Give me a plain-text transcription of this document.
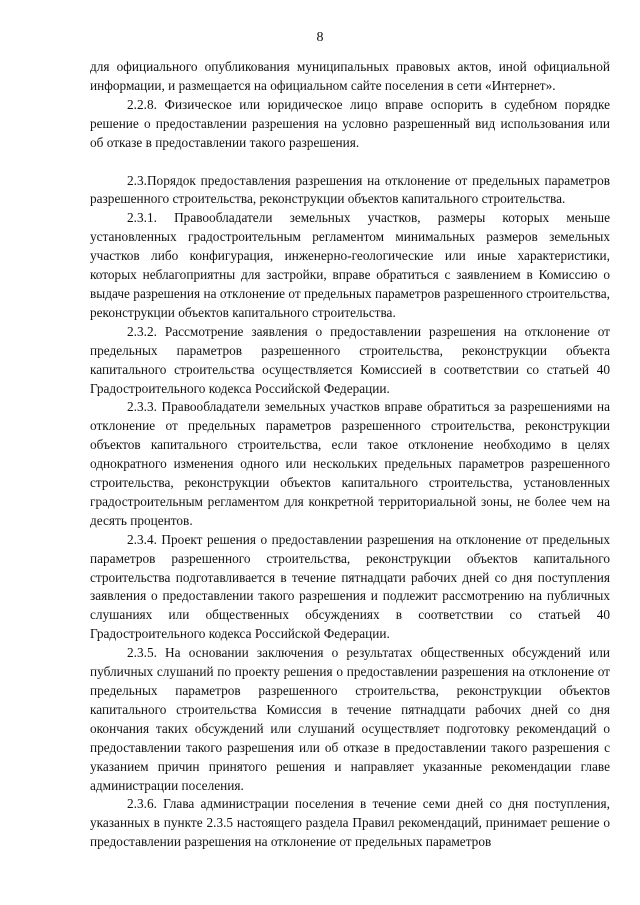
8

для официального опубликования муниципальных правовых актов, иной официальной информации, и размещается на официальном сайте поселения в сети «Интернет».

2.2.8. Физическое или юридическое лицо вправе оспорить в судебном порядке решение о предоставлении разрешения на условно разрешенный вид использования или об отказе в предоставлении такого разрешения.

2.3.Порядок предоставления разрешения на отклонение от предельных параметров разрешенного строительства, реконструкции объектов капитального строительства.

2.3.1. Правообладатели земельных участков, размеры которых меньше установленных градостроительным регламентом минимальных размеров земельных участков либо конфигурация, инженерно-геологические или иные характеристики, которых неблагоприятны для застройки, вправе обратиться с заявлением в Комиссию о выдаче разрешения на отклонение от предельных параметров разрешенного строительства, реконструкции объектов капитального строительства.

2.3.2. Рассмотрение заявления о предоставлении разрешения на отклонение от предельных параметров разрешенного строительства, реконструкции объекта капитального строительства осуществляется Комиссией в соответствии со статьей 40 Градостроительного кодекса Российской Федерации.

2.3.3. Правообладатели земельных участков вправе обратиться за разрешениями на отклонение от предельных параметров разрешенного строительства, реконструкции объектов капитального строительства, если такое отклонение необходимо в целях однократного изменения одного или нескольких предельных параметров разрешенного строительства, реконструкции объектов капитального строительства, установленных градостроительным регламентом для конкретной территориальной зоны, не более чем на десять процентов.

2.3.4. Проект решения о предоставлении разрешения на отклонение от предельных параметров разрешенного строительства, реконструкции объектов капитального строительства подготавливается в течение пятнадцати рабочих дней со дня поступления заявления о предоставлении такого разрешения и подлежит рассмотрению на публичных слушаниях или общественных обсуждениях в соответствии со статьей 40 Градостроительного кодекса Российской Федерации.

2.3.5. На основании заключения о результатах общественных обсуждений или публичных слушаний по проекту решения о предоставлении разрешения на отклонение от предельных параметров разрешенного строительства, реконструкции объектов капитального строительства Комиссия в течение пятнадцати рабочих дней со дня окончания таких обсуждений или слушаний осуществляет подготовку рекомендаций о предоставлении такого разрешения или об отказе в предоставлении такого разрешения с указанием причин принятого решения и направляет указанные рекомендации главе администрации поселения.

2.3.6. Глава администрации поселения в течение семи дней со дня поступления, указанных в пункте 2.3.5 настоящего раздела Правил рекомендаций, принимает решение о предоставлении разрешения на отклонение от предельных параметров
